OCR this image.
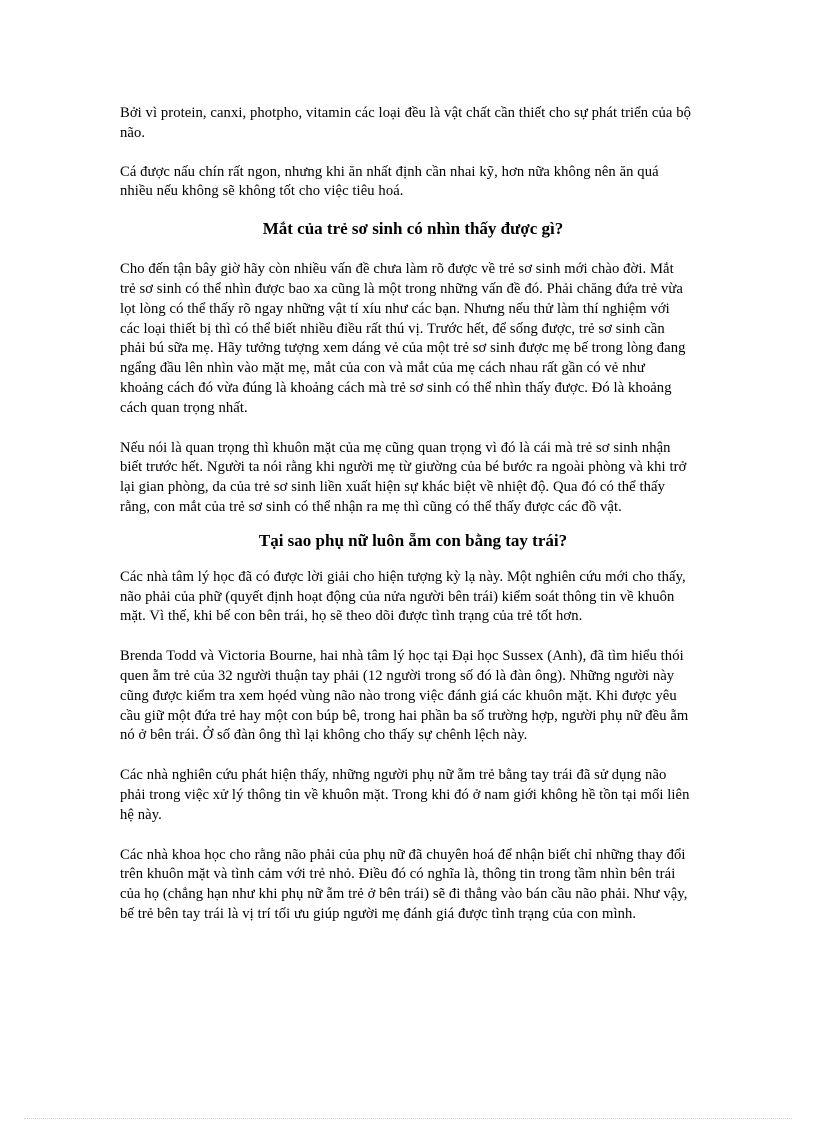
Bởi vì protein, canxi, photpho, vitamin các loại đều là vật chất cần thiết cho sự phát triển của bộ não.

Cá được nấu chín rất ngon, nhưng khi ăn nhất định cần nhai kỹ, hơn nữa không nên ăn quá nhiều nếu không sẽ không tốt cho việc tiêu hoá.

Mắt của trẻ sơ sinh có nhìn thấy được gì?

Cho đến tận bây giờ hãy còn nhiều vấn đề chưa làm rõ được về trẻ sơ sinh mới chào đời. Mắt trẻ sơ sinh có thể nhìn được bao xa cũng là một trong những vấn đề đó. Phải chăng đứa trẻ vừa lọt lòng có thể thấy rõ ngay những vật tí xíu như các bạn. Nhưng nếu thử làm thí nghiệm với các loại thiết bị thì có thể biết nhiều điều rất thú vị. Trước hết, để sống được, trẻ sơ sinh cần phải bú sữa mẹ. Hãy tưởng tượng xem dáng vẻ của một trẻ sơ sinh được mẹ bế trong lòng đang ngẩng đầu lên nhìn vào mặt mẹ, mắt của con và mắt của mẹ cách nhau rất gần có vẻ như khoảng cách đó vừa đúng là khoảng cách mà trẻ sơ sinh có thể nhìn thấy được. Đó là khoảng cách quan trọng nhất.

Nếu nói là quan trọng thì khuôn mặt của mẹ cũng quan trọng vì đó là cái mà trẻ sơ sinh nhận biết trước hết. Người ta nói rằng khi người mẹ từ giường của bé bước ra ngoài phòng và khi trở lại gian phòng, da của trẻ sơ sinh liền xuất hiện sự khác biệt về nhiệt độ. Qua đó có thể thấy rằng, con mắt của trẻ sơ sinh có thể nhận ra mẹ thì cũng có thể thấy được các đồ vật.

Tại sao phụ nữ luôn ẵm con bằng tay trái?

Các nhà tâm lý học đã có được lời giải cho hiện tượng kỳ lạ này. Một nghiên cứu mới cho thấy, não phải của phữ (quyết định hoạt động của nửa người bên trái) kiểm soát thông tin về khuôn mặt. Vì thế, khi bế con bên trái, họ sẽ theo dõi được tình trạng của trẻ tốt hơn.

Brenda Todd và Victoria Bourne, hai nhà tâm lý học tại Đại học Sussex (Anh), đã tìm hiểu thói quen ẵm trẻ của 32 người thuận tay phải (12 người trong số đó là đàn ông). Những người này cũng được kiểm tra xem họéd vùng não nào trong việc đánh giá các khuôn mặt. Khi được yêu cầu giữ một đứa trẻ hay một con búp bê, trong hai phần ba số trường hợp, người phụ nữ đều ẵm nó ở bên trái. Ở số đàn ông thì lại không cho thấy sự chênh lệch này.

Các nhà nghiên cứu phát hiện thấy, những người phụ nữ ẵm trẻ bằng tay trái đã sử dụng não phải trong việc xử lý thông tin về khuôn mặt. Trong khi đó ở nam giới không hề tồn tại mối liên hệ này.

Các nhà khoa học cho rằng não phải của phụ nữ đã chuyên hoá để nhận biết chỉ những thay đổi trên khuôn mặt và tình cảm với trẻ nhỏ. Điều đó có nghĩa là, thông tin trong tầm nhìn bên trái của họ (chẳng hạn như khi phụ nữ ẵm trẻ ở bên trái) sẽ đi thẳng vào bán cầu não phải. Như vậy, bế trẻ bên tay trái là vị trí tối ưu giúp người mẹ đánh giá được tình trạng của con mình.
